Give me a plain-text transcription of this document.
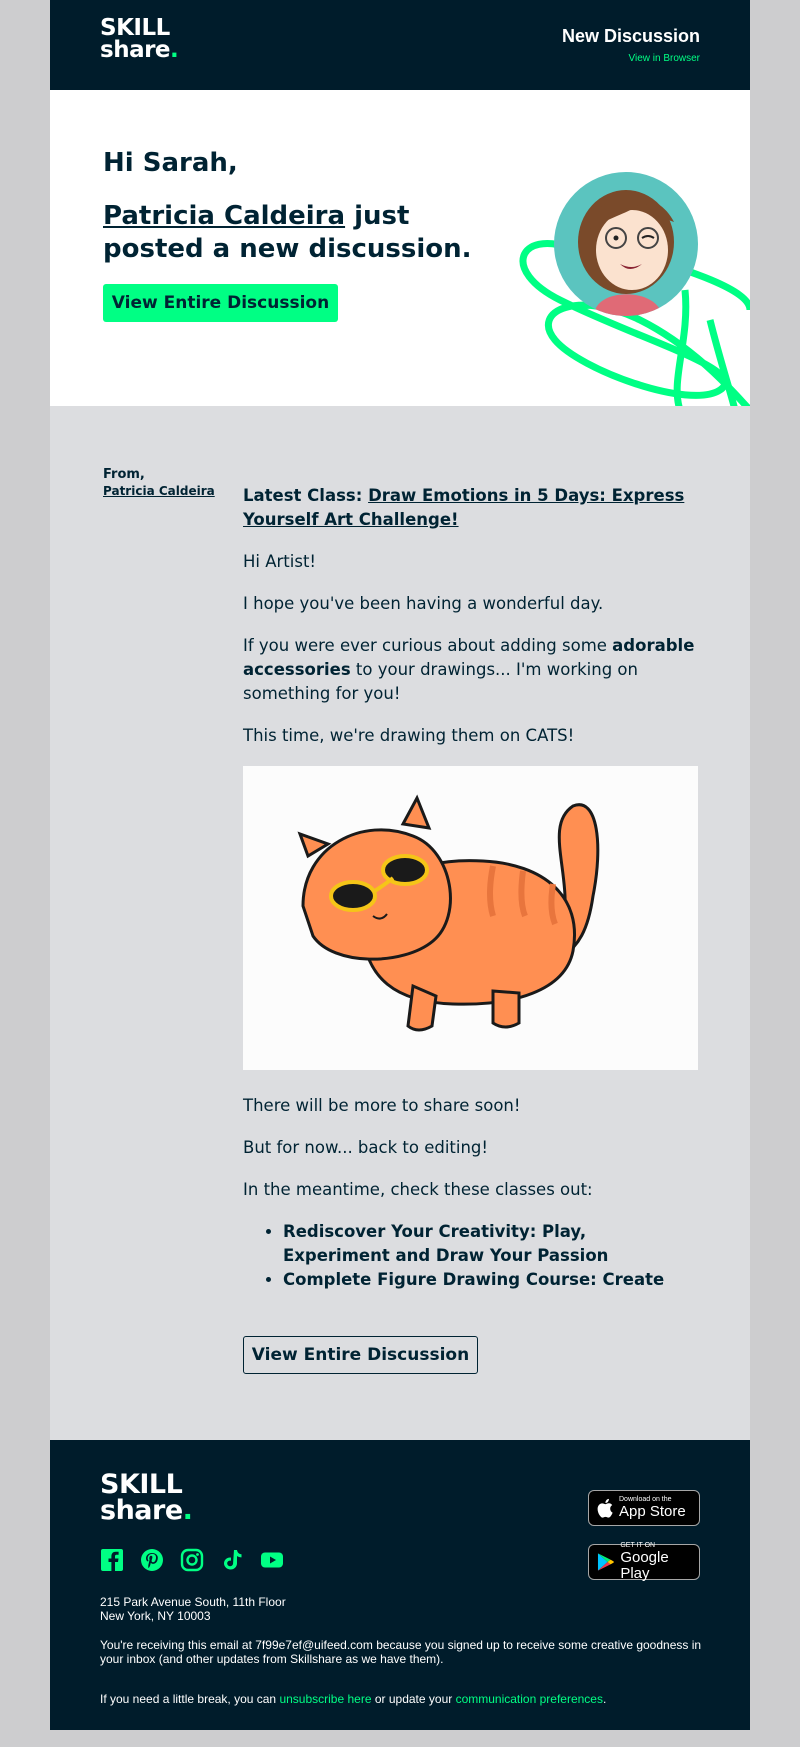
SKILL
share.
New Discussion
View in Browser
Hi Sarah,
Patricia Caldeira just posted a new discussion.
View Entire Discussion
From,
Patricia Caldeira Latest Class: Draw Emotions in 5 Days: Express Yourself Art Challenge!

Hi Artist!

I hope you've been having a wonderful day.

If you were ever curious about adding some adorable accessories to your drawings... I'm working on something for you!

This time, we're drawing them on CATS!

There will be more to share soon!

But for now... back to editing!

In the meantime, check these classes out:

• Rediscover Your Creativity: Play, Experiment and Draw Your Passion
• Complete Figure Drawing Course: Create
View Entire Discussion
SKILL
share.
215 Park Avenue South, 11th Floor
New York, NY 10003
You're receiving this email at 7f99e7ef@uifeed.com because you signed up to receive some creative goodness in your inbox (and other updates from Skillshare as we have them).
If you need a little break, you can unsubscribe here or update your communication preferences.
Download on the
App Store
GET IT ON
Google Play
